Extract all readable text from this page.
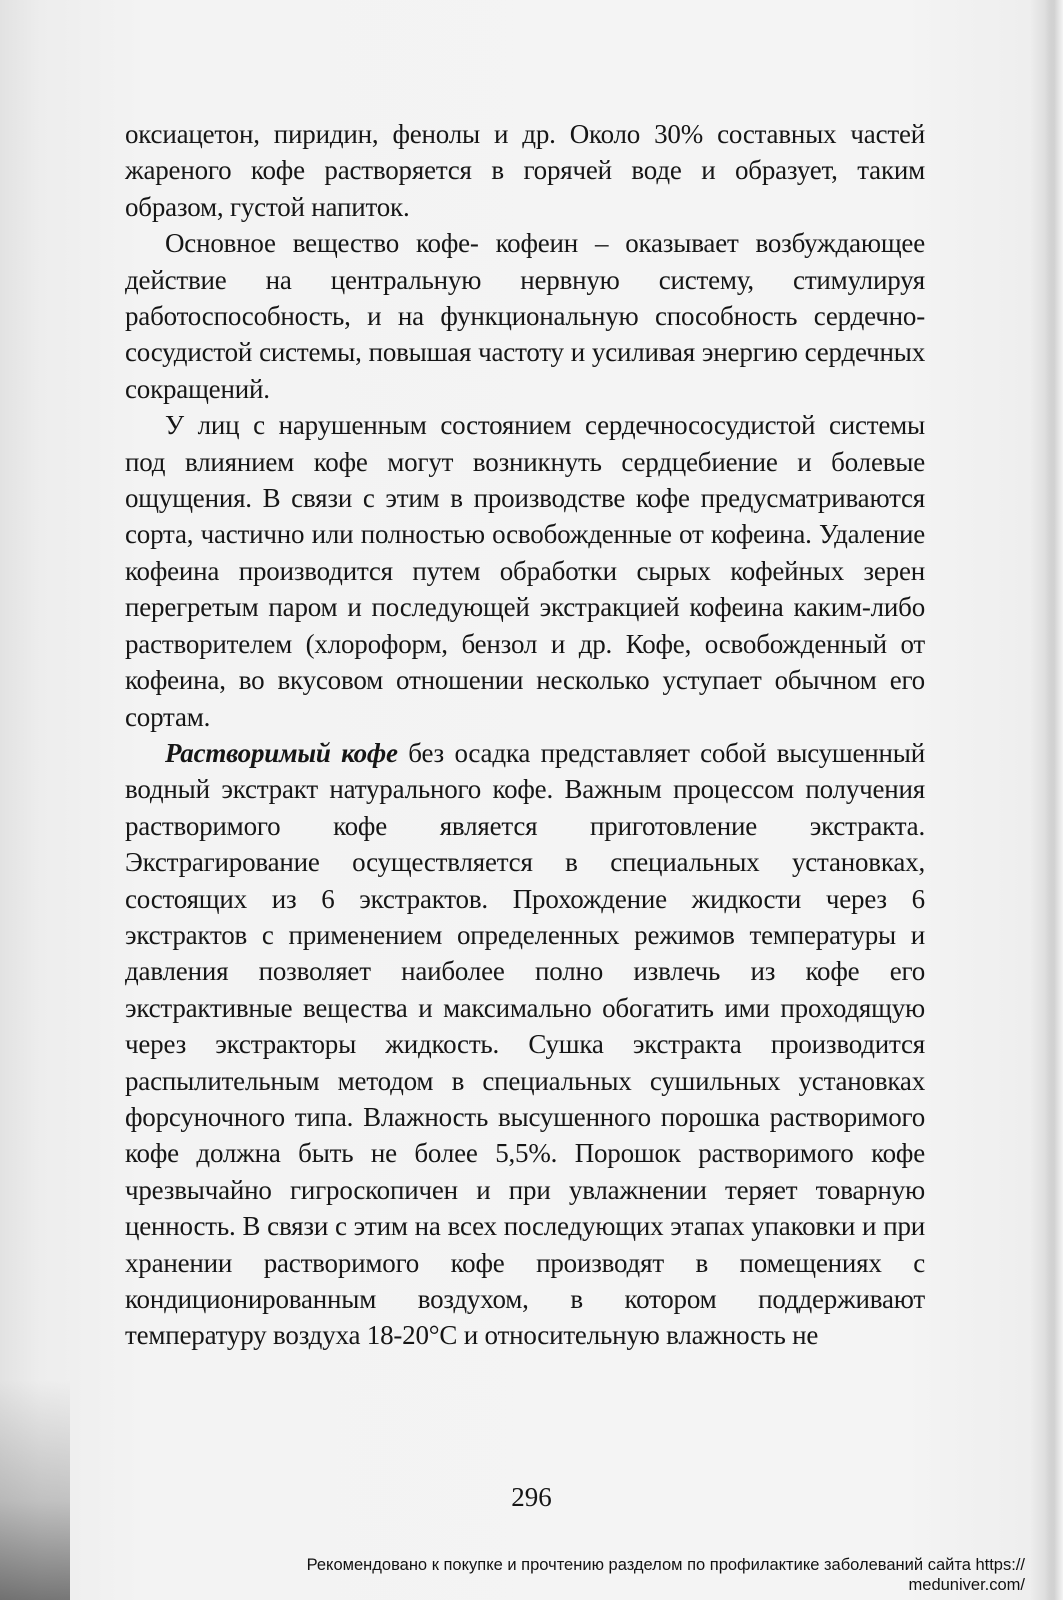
оксиацетон, пиридин, фенолы и др. Около 30% составных частей жареного кофе растворяется в горячей воде и образует, таким образом, густой напиток.

Основное вещество кофе- кофеин – оказывает возбуждающее действие на центральную нервную систему, стимулируя работоспособность, и на функциональную способность сердечно-сосудистой системы, повышая частоту и усиливая энергию сердечных сокращений.

У лиц с нарушенным состоянием сердечнососудистой системы под влиянием кофе могут возникнуть сердцебиение и болевые ощущения. В связи с этим в производстве кофе предусматриваются сорта, частично или полностью освобожденные от кофеина. Удаление кофеина производится путем обработки сырых кофейных зерен перегретым паром и последующей экстракцией кофеина каким-либо растворителем (хлороформ, бензол и др. Кофе, освобожденный от кофеина, во вкусовом отношении несколько уступает обычном его сортам.

Растворимый кофе без осадка представляет собой высушенный водный экстракт натурального кофе. Важным процессом получения растворимого кофе является приготовление экстракта. Экстрагирование осуществляется в специальных установках, состоящих из 6 экстрактов. Прохождение жидкости через 6 экстрактов с применением определенных режимов температуры и давления позволяет наиболее полно извлечь из кофе его экстрактивные вещества и максимально обогатить ими проходящую через экстракторы жидкость. Сушка экстракта производится распылительным методом в специальных сушильных установках форсуночного типа. Влажность высушенного порошка растворимого кофе должна быть не более 5,5%. Порошок растворимого кофе чрезвычайно гигроскопичен и при увлажнении теряет товарную ценность. В связи с этим на всех последующих этапах упаковки и при хранении растворимого кофе производят в помещениях с кондиционированным воздухом, в котором поддерживают температуру воздуха 18-20°С и относительную влажность не

296
Рекомендовано к покупке и прочтению разделом по профилактике заболеваний сайта https://
meduniver.com/
